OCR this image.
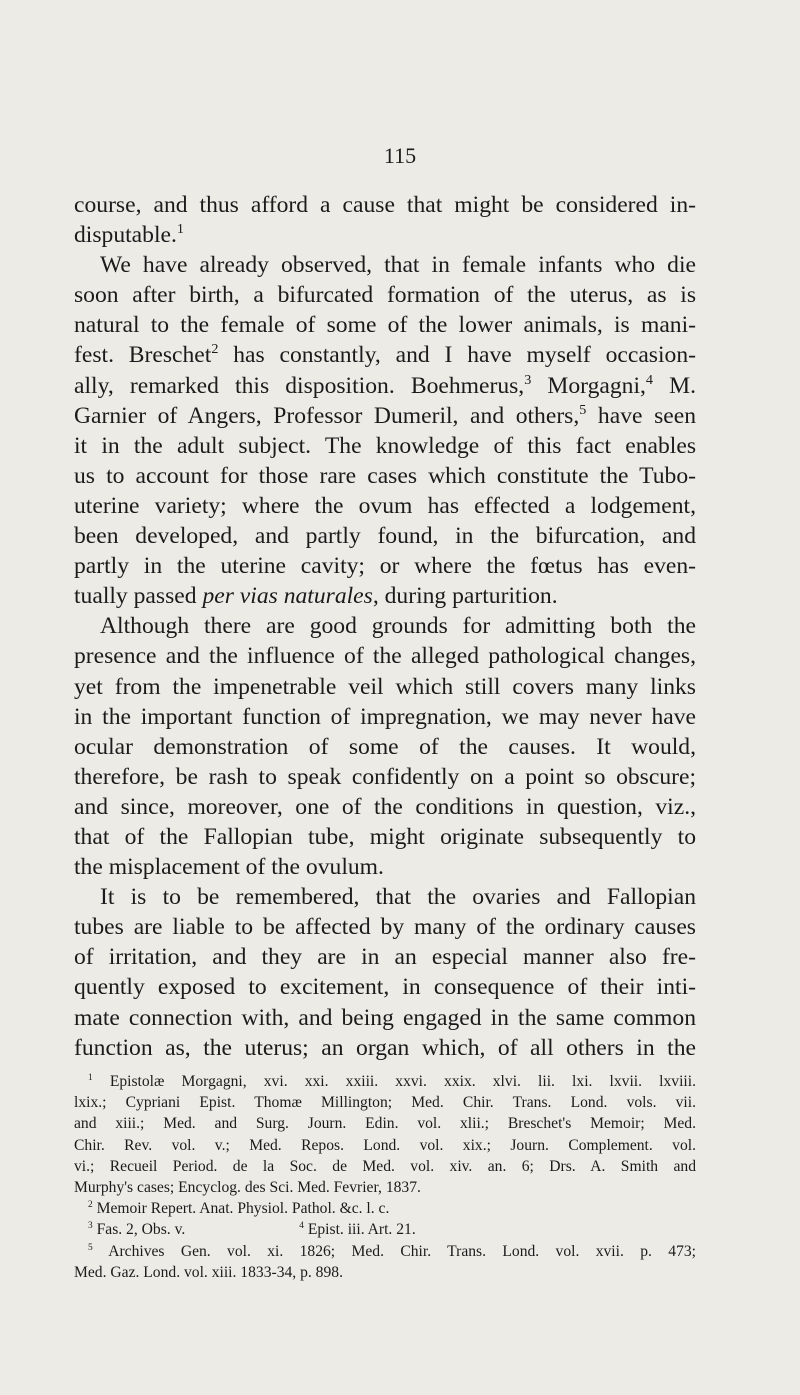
115
course, and thus afford a cause that might be considered in-
disputable.$^1$
We have already observed, that in female infants who die
soon after birth, a bifurcated formation of the uterus, as is
natural to the female of some of the lower animals, is mani-
fest. Breschet$^2$ has constantly, and I have myself occasion-
ally, remarked this disposition. Boehmerus,$^3$ Morgagni,$^4$ M.
Garnier of Angers, Professor Dumeril, and others,$^5$ have seen
it in the adult subject. The knowledge of this fact enables
us to account for those rare cases which constitute the Tubo-
uterine variety; where the ovum has effected a lodgement,
been developed, and partly found, in the bifurcation, and
partly in the uterine cavity; or where the fœtus has even-
tually passed per vias naturales, during parturition.
Although there are good grounds for admitting both the
presence and the influence of the alleged pathological changes,
yet from the impenetrable veil which still covers many links
in the important function of impregnation, we may never have
ocular demonstration of some of the causes. It would,
therefore, be rash to speak confidently on a point so obscure;
and since, moreover, one of the conditions in question, viz.,
that of the Fallopian tube, might originate subsequently to
the misplacement of the ovulum.
It is to be remembered, that the ovaries and Fallopian
tubes are liable to be affected by many of the ordinary causes
of irritation, and they are in an especial manner also fre-
quently exposed to excitement, in consequence of their inti-
mate connection with, and being engaged in the same common
function as, the uterus; an organ which, of all others in the
$^1$ Epistolæ Morgagni, xvi. xxi. xxiii. xxvi. xxix. xlvi. lii. lxi. lxvii. lxviii.
lxix.; Cypriani Epist. Thomæ Millington; Med. Chir. Trans. Lond. vols. vii.
and xiii.; Med. and Surg. Journ. Edin. vol. xlii.; Breschet's Memoir; Med.
Chir. Rev. vol. v.; Med. Repos. Lond. vol. xix.; Journ. Complement. vol.
vi.; Recueil Period. de la Soc. de Med. vol. xiv. an. 6; Drs. A. Smith and
Murphy's cases; Encyclog. des Sci. Med. Fevrier, 1837.
$^2$ Memoir Repert. Anat. Physiol. Pathol. &c. l. c.
$^3$ Fas. 2, Obs. v.	$^4$ Epist. iii. Art. 21.
$^5$ Archives Gen. vol. xi. 1826; Med. Chir. Trans. Lond. vol. xvii. p. 473;
Med. Gaz. Lond. vol. xiii. 1833-34, p. 898.
